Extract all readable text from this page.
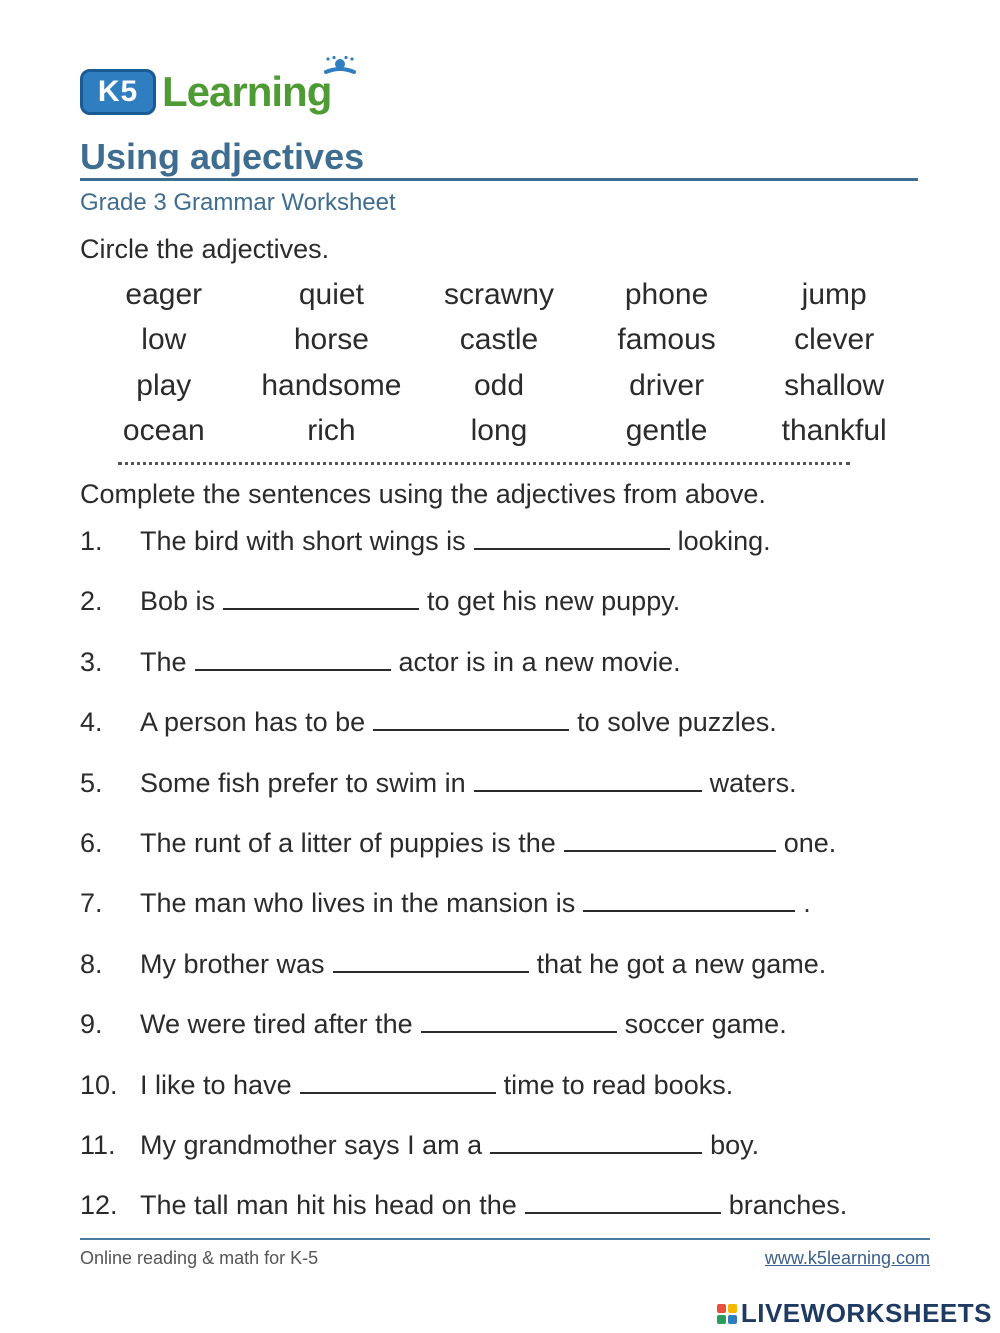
K5 Learning
Using adjectives
Grade 3 Grammar Worksheet
Circle the adjectives.
eager	quiet	scrawny	phone	jump
low	horse	castle	famous	clever
play	handsome	odd	driver	shallow
ocean	rich	long	gentle	thankful
Complete the sentences using the adjectives from above.
1.	The bird with short wings is	looking.
2.	Bob is	to get his new puppy.
3.	The	actor is in a new movie.
4.	A person has to be	to solve puzzles.
5.	Some fish prefer to swim in	waters.
6.	The runt of a litter of puppies is the	one.
7.	The man who lives in the mansion is	.
8.	My brother was	that he got a new game.
9.	We were tired after the	soccer game.
10. I like to have	time to read books.
11. My grandmother says I am a	boy.
12. The tall man hit his head on the	branches.
Online reading & math for K-5	www.k5learning.com
LIVEWORKSHEETS
